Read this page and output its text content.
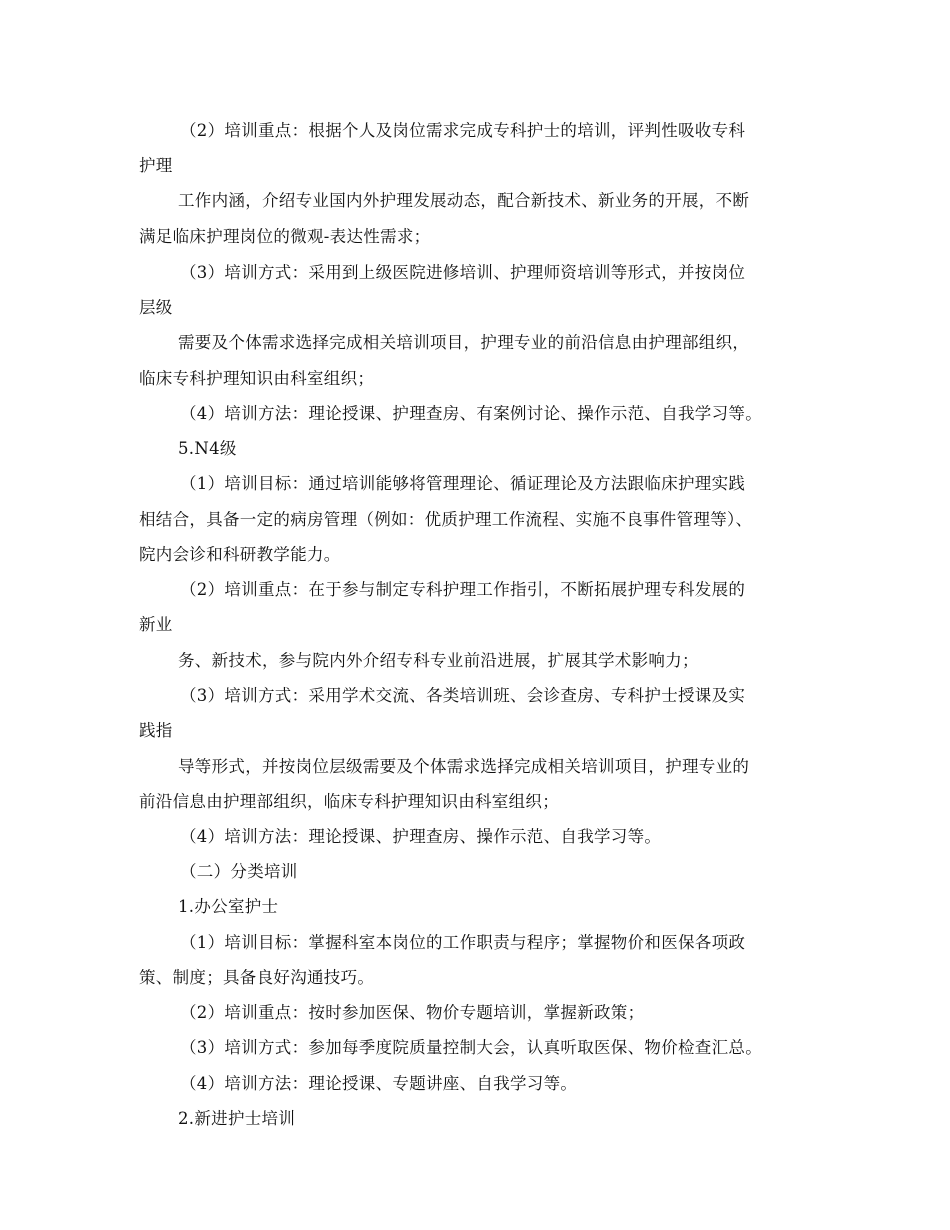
（2）培训重点：根据个人及岗位需求完成专科护士的培训，评判性吸收专科
护理
工作内涵，介绍专业国内外护理发展动态，配合新技术、新业务的开展，不断
满足临床护理岗位的微观-表达性需求；
（3）培训方式：采用到上级医院进修培训、护理师资培训等形式，并按岗位
层级
需要及个体需求选择完成相关培训项目，护理专业的前沿信息由护理部组织，
临床专科护理知识由科室组织；
（4）培训方法：理论授课、护理查房、有案例讨论、操作示范、自我学习等。
5.N4级
（1）培训目标：通过培训能够将管理理论、循证理论及方法跟临床护理实践
相结合，具备一定的病房管理（例如：优质护理工作流程、实施不良事件管理等）、
院内会诊和科研教学能力。
（2）培训重点：在于参与制定专科护理工作指引，不断拓展护理专科发展的
新业
务、新技术，参与院内外介绍专科专业前沿进展，扩展其学术影响力；
（3）培训方式：采用学术交流、各类培训班、会诊查房、专科护士授课及实
践指
导等形式，并按岗位层级需要及个体需求选择完成相关培训项目，护理专业的
前沿信息由护理部组织，临床专科护理知识由科室组织；
（4）培训方法：理论授课、护理查房、操作示范、自我学习等。
（二）分类培训
1.办公室护士
（1）培训目标：掌握科室本岗位的工作职责与程序；掌握物价和医保各项政
策、制度；具备良好沟通技巧。
（2）培训重点：按时参加医保、物价专题培训，掌握新政策；
（3）培训方式：参加每季度院质量控制大会，认真听取医保、物价检查汇总。
（4）培训方法：理论授课、专题讲座、自我学习等。
2.新进护士培训
